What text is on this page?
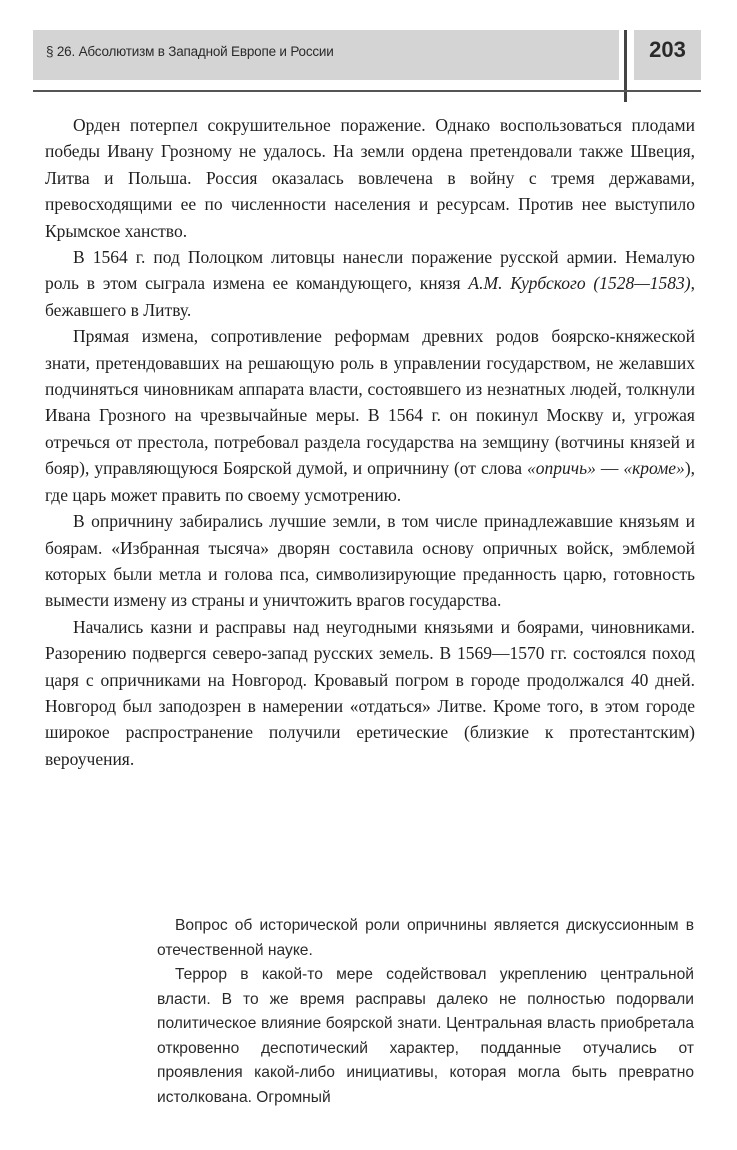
§ 26. Абсолютизм в Западной Европе и России	203

Орден потерпел сокрушительное поражение. Однако воспользоваться плодами победы Ивану Грозному не удалось. На земли ордена претендовали также Швеция, Литва и Польша. Россия оказалась вовлечена в войну с тремя державами, превосходящими ее по численности населения и ресурсам. Против нее выступило Крымское ханство.

В 1564 г. под Полоцком литовцы нанесли поражение русской армии. Немалую роль в этом сыграла измена ее командующего, князя А.М. Курбского (1528—1583), бежавшего в Литву.

Прямая измена, сопротивление реформам древних родов боярско-княжеской знати, претендовавших на решающую роль в управлении государством, не желавших подчиняться чиновникам аппарата власти, состоявшего из незнатных людей, толкнули Ивана Грозного на чрезвычайные меры. В 1564 г. он покинул Москву и, угрожая отречься от престола, потребовал раздела государства на земщину (вотчины князей и бояр), управляющуюся Боярской думой, и опричнину (от слова «опричь» — «кроме»), где царь может править по своему усмотрению.

В опричнину забирались лучшие земли, в том числе принадлежавшие князьям и боярам. «Избранная тысяча» дворян составила основу опричных войск, эмблемой которых были метла и голова пса, символизирующие преданность царю, готовность вымести измену из страны и уничтожить врагов государства.

Начались казни и расправы над неугодными князьями и боярами, чиновниками. Разорению подвергся северо-запад русских земель. В 1569—1570 гг. состоялся поход царя с опричниками на Новгород. Кровавый погром в городе продолжался 40 дней. Новгород был заподозрен в намерении «отдаться» Литве. Кроме того, в этом городе широкое распространение получили еретические (близкие к протестантским) вероучения.

Вопрос об исторической роли опричнины является дискуссионным в отечественной науке.

Террор в какой-то мере содействовал укреплению центральной власти. В то же время расправы далеко не полностью подорвали политическое влияние боярской знати. Центральная власть приобретала откровенно деспотический характер, подданные отучались от проявления какой-либо инициативы, которая могла быть превратно истолкована. Огромный
